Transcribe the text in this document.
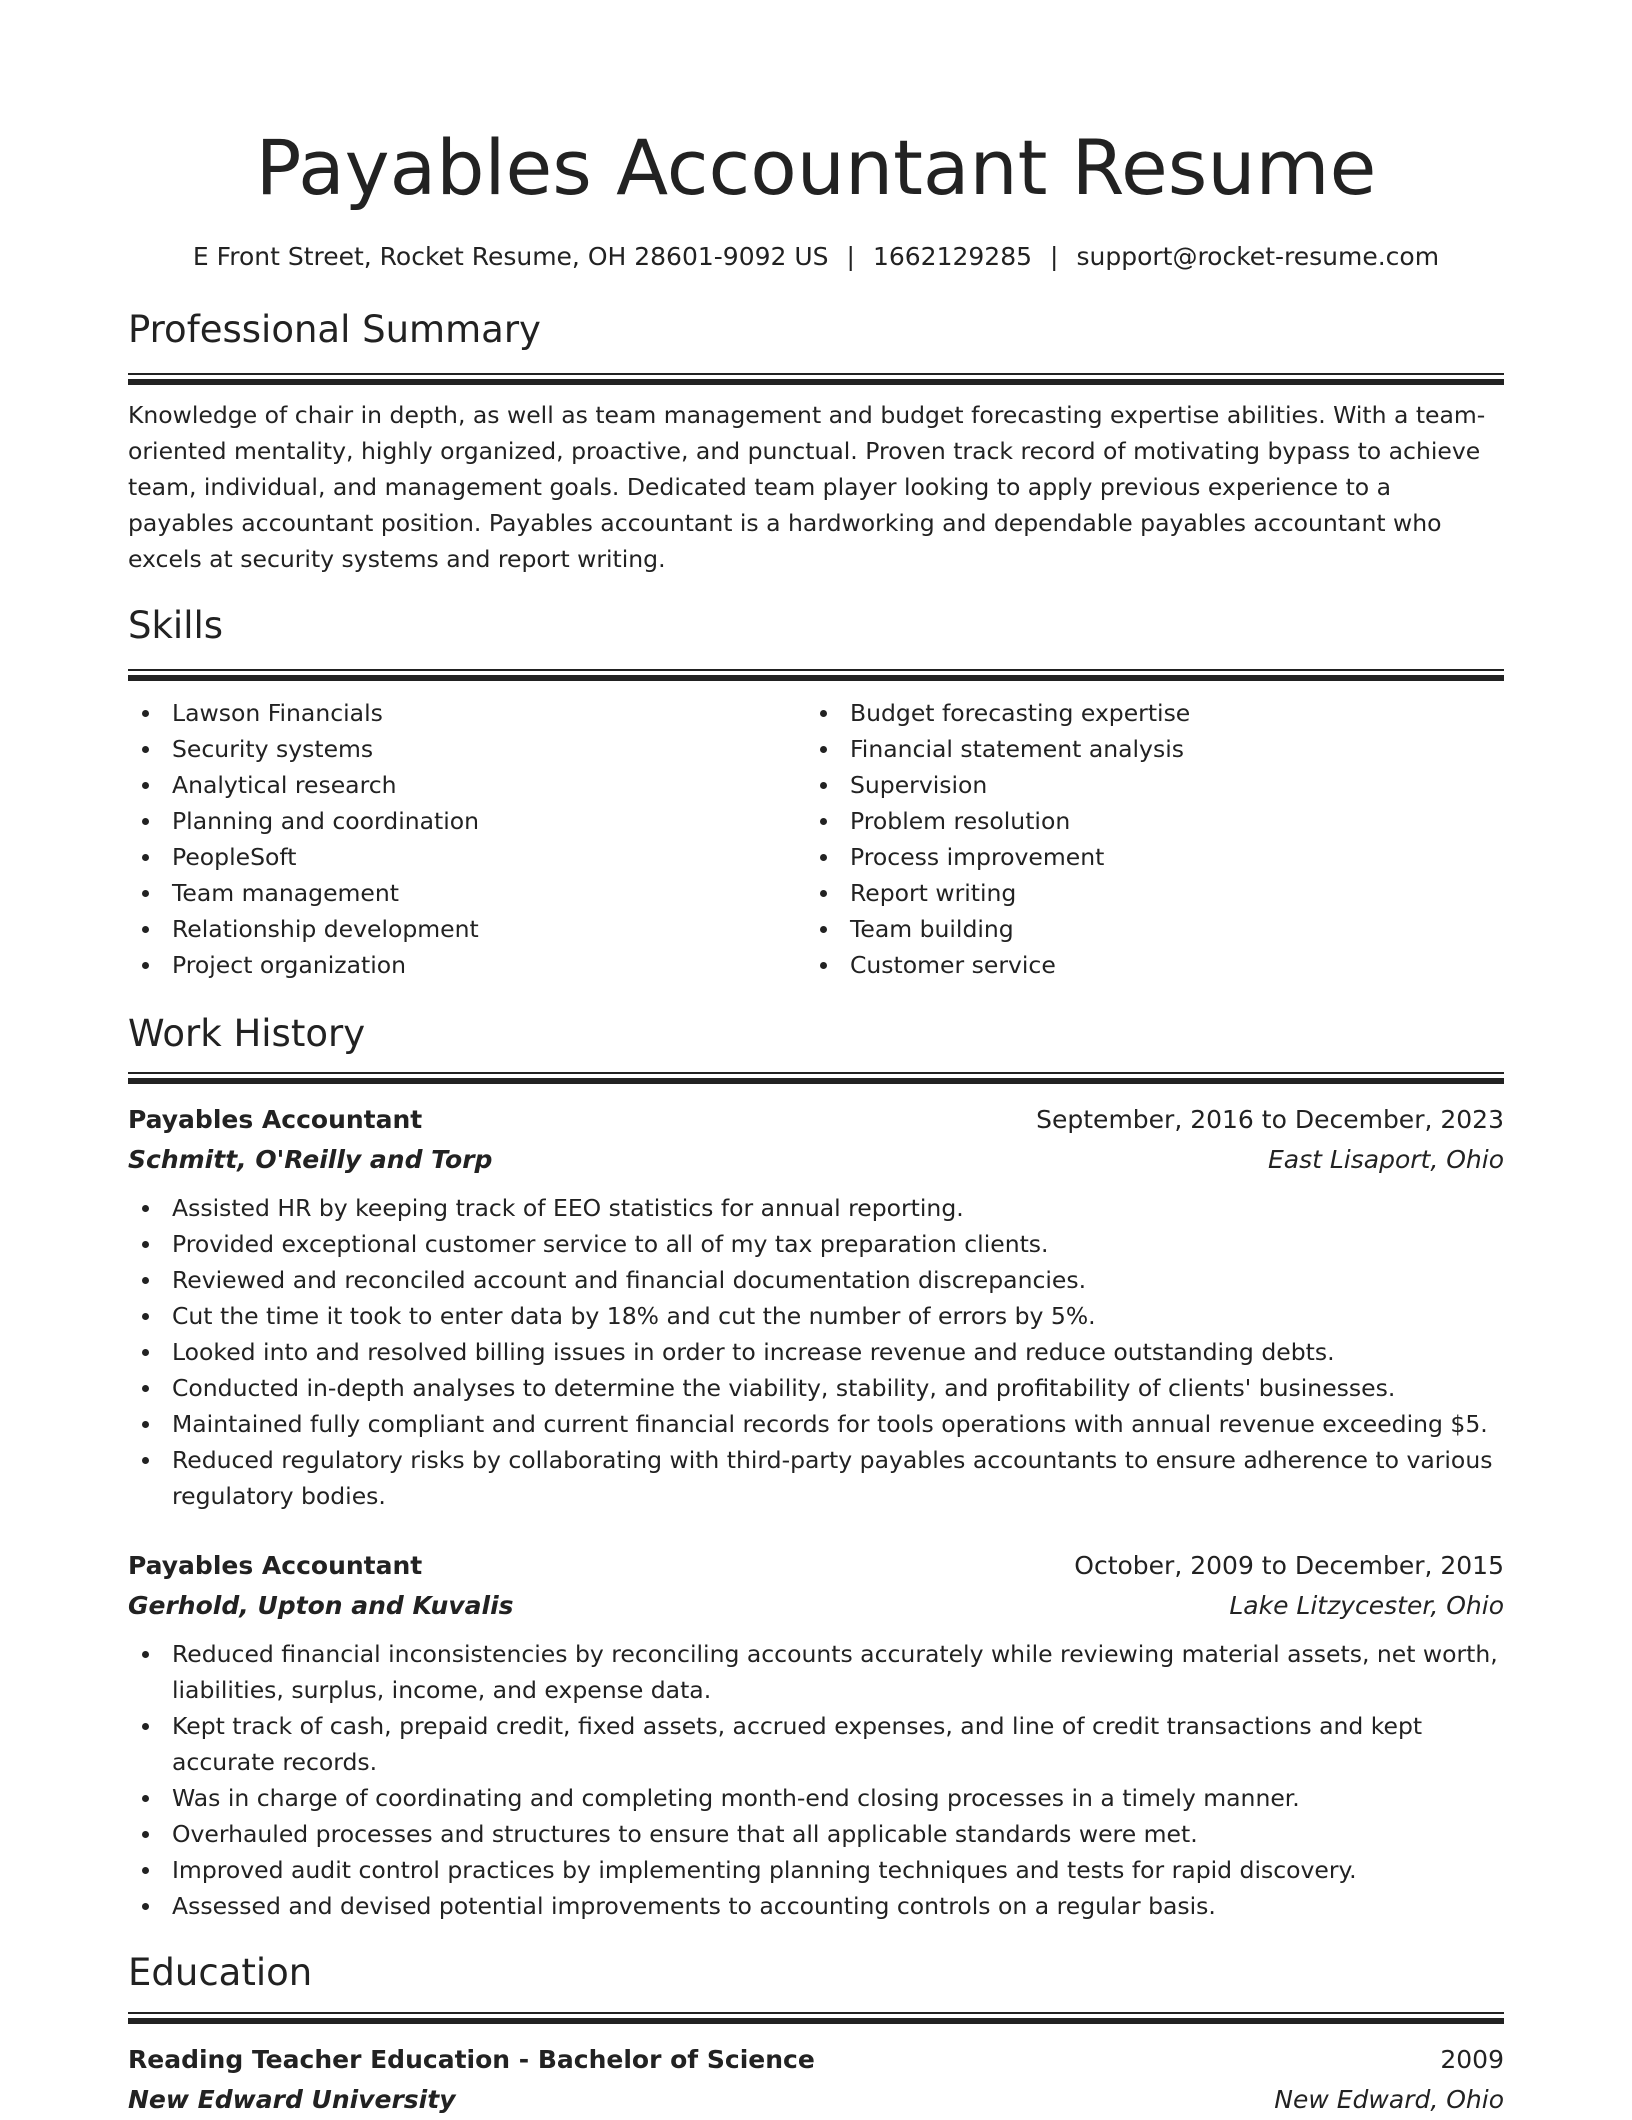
Payables Accountant Resume
E Front Street, Rocket Resume, OH 28601-9092 US | 1662129285 | support@rocket-resume.com
Professional Summary
Knowledge of chair in depth, as well as team management and budget forecasting expertise abilities. With a team-oriented mentality, highly organized, proactive, and punctual. Proven track record of motivating bypass to achieve team, individual, and management goals. Dedicated team player looking to apply previous experience to a payables accountant position. Payables accountant is a hardworking and dependable payables accountant who excels at security systems and report writing.
Skills
Lawson Financials
Security systems
Analytical research
Planning and coordination
PeopleSoft
Team management
Relationship development
Project organization
Budget forecasting expertise
Financial statement analysis
Supervision
Problem resolution
Process improvement
Report writing
Team building
Customer service
Work History
Payables Accountant	September, 2016 to December, 2023
Schmitt, O'Reilly and Torp	East Lisaport, Ohio
Assisted HR by keeping track of EEO statistics for annual reporting.
Provided exceptional customer service to all of my tax preparation clients.
Reviewed and reconciled account and financial documentation discrepancies.
Cut the time it took to enter data by 18% and cut the number of errors by 5%.
Looked into and resolved billing issues in order to increase revenue and reduce outstanding debts.
Conducted in-depth analyses to determine the viability, stability, and profitability of clients' businesses.
Maintained fully compliant and current financial records for tools operations with annual revenue exceeding $5.
Reduced regulatory risks by collaborating with third-party payables accountants to ensure adherence to various regulatory bodies.
Payables Accountant	October, 2009 to December, 2015
Gerhold, Upton and Kuvalis	Lake Litzycester, Ohio
Reduced financial inconsistencies by reconciling accounts accurately while reviewing material assets, net worth, liabilities, surplus, income, and expense data.
Kept track of cash, prepaid credit, fixed assets, accrued expenses, and line of credit transactions and kept accurate records.
Was in charge of coordinating and completing month-end closing processes in a timely manner.
Overhauled processes and structures to ensure that all applicable standards were met.
Improved audit control practices by implementing planning techniques and tests for rapid discovery.
Assessed and devised potential improvements to accounting controls on a regular basis.
Education
Reading Teacher Education - Bachelor of Science	2009
New Edward University	New Edward, Ohio
